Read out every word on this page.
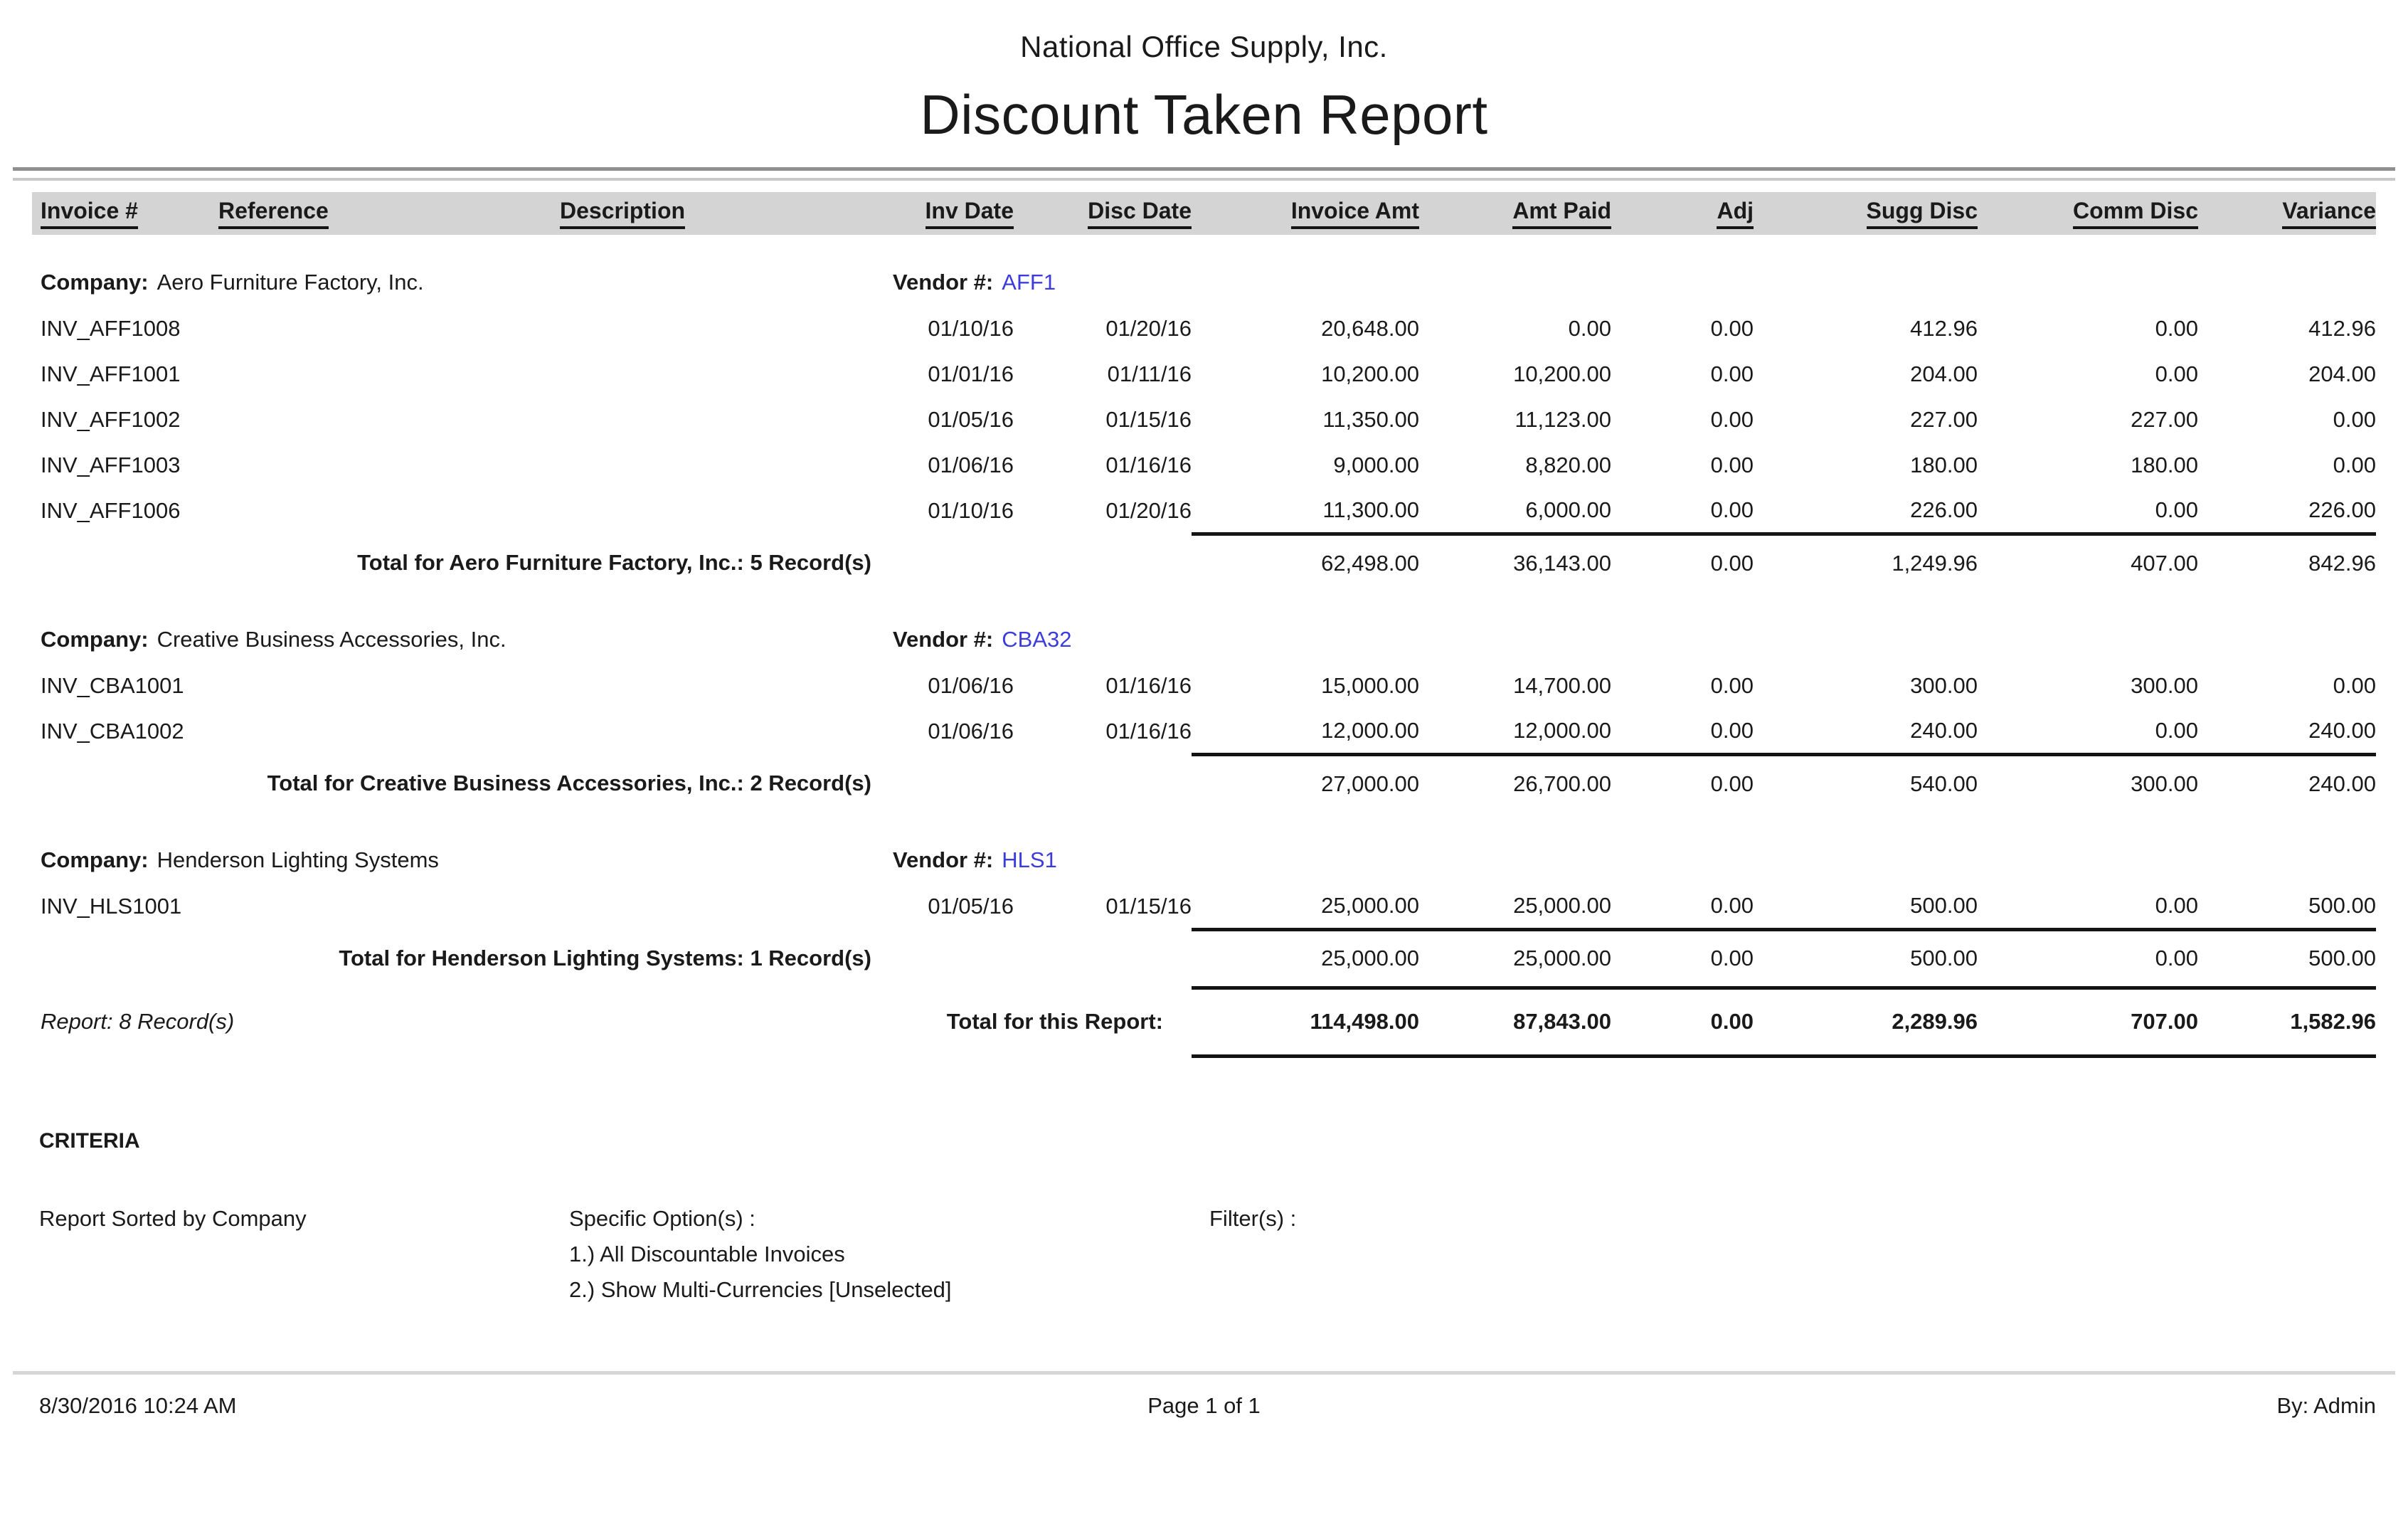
National Office Supply, Inc.
Discount Taken Report
Invoice #	Reference	Description	Inv Date	Disc Date	Invoice Amt	Amt Paid	Adj	Sugg Disc	Comm Disc	Variance
Company: Aero Furniture Factory, Inc.			Vendor #: AFF1							
INV_AFF1008			01/10/16	01/20/16	20,648.00	0.00	0.00	412.96	0.00	412.96
INV_AFF1001			01/01/16	01/11/16	10,200.00	10,200.00	0.00	204.00	0.00	204.00
INV_AFF1002			01/05/16	01/15/16	11,350.00	11,123.00	0.00	227.00	227.00	0.00
INV_AFF1003			01/06/16	01/16/16	9,000.00	8,820.00	0.00	180.00	180.00	0.00
INV_AFF1006			01/10/16	01/20/16	11,300.00	6,000.00	0.00	226.00	0.00	226.00
Total for Aero Furniture Factory, Inc.: 5 Record(s)					62,498.00	36,143.00	0.00	1,249.96	407.00	842.96
Company: Creative Business Accessories, Inc.			Vendor #: CBA32							
INV_CBA1001			01/06/16	01/16/16	15,000.00	14,700.00	0.00	300.00	300.00	0.00
INV_CBA1002			01/06/16	01/16/16	12,000.00	12,000.00	0.00	240.00	0.00	240.00
Total for Creative Business Accessories, Inc.: 2 Record(s)					27,000.00	26,700.00	0.00	540.00	300.00	240.00
Company: Henderson Lighting Systems			Vendor #: HLS1							
INV_HLS1001			01/05/16	01/15/16	25,000.00	25,000.00	0.00	500.00	0.00	500.00
Total for Henderson Lighting Systems: 1 Record(s)					25,000.00	25,000.00	0.00	500.00	0.00	500.00

Report: 8 Record(s) Total for this Report:					114,498.00	87,843.00	0.00	2,289.96	707.00	1,582.96
CRITERIA
Report Sorted by Company	Specific Option(s) :
1.) All Discountable Invoices
2.) Show Multi-Currencies [Unselected]
Filter(s) :
8/30/2016 10:24 AM	Page 1 of 1	By: Admin
